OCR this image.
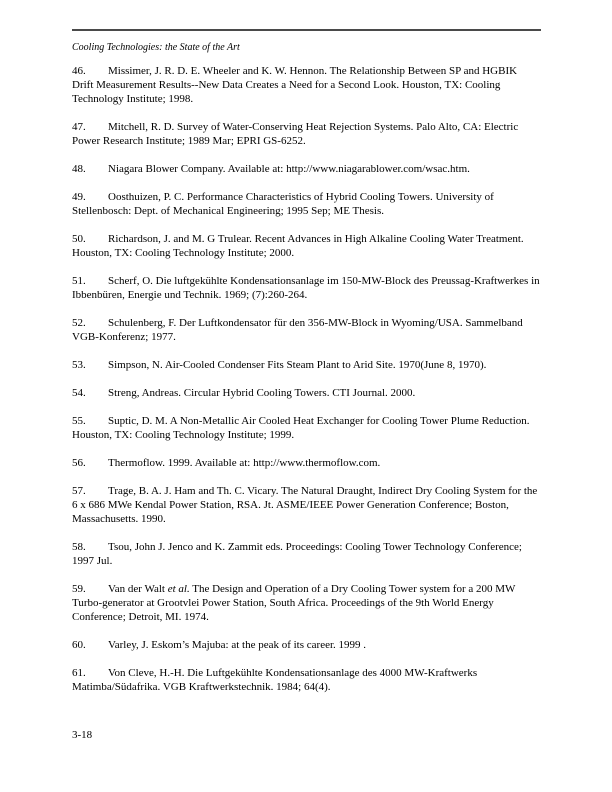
Cooling Technologies: the State of the Art

46. Missimer, J. R. D. E. Wheeler and K. W. Hennon. The Relationship Between SP and HGBIK Drift Measurement Results--New Data Creates a Need for a Second Look. Houston, TX: Cooling Technology Institute; 1998.

47. Mitchell, R. D. Survey of Water-Conserving Heat Rejection Systems. Palo Alto, CA: Electric Power Research Institute; 1989 Mar; EPRI GS-6252.

48. Niagara Blower Company. Available at: http://www.niagarablower.com/wsac.htm.

49. Oosthuizen, P. C. Performance Characteristics of Hybrid Cooling Towers. University of Stellenbosch: Dept. of Mechanical Engineering; 1995 Sep; ME Thesis.

50. Richardson, J. and M. G Trulear. Recent Advances in High Alkaline Cooling Water Treatment. Houston, TX: Cooling Technology Institute; 2000.

51. Scherf, O. Die luftgekühlte Kondensationsanlage im 150-MW-Block des Preussag-Kraftwerkes in Ibbenbüren, Energie und Technik. 1969; (7):260-264.

52. Schulenberg, F. Der Luftkondensator für den 356-MW-Block in Wyoming/USA. Sammelband VGB-Konferenz; 1977.

53. Simpson, N. Air-Cooled Condenser Fits Steam Plant to Arid Site. 1970(June 8, 1970).

54. Streng, Andreas. Circular Hybrid Cooling Towers. CTI Journal. 2000.

55. Suptic, D. M. A Non-Metallic Air Cooled Heat Exchanger for Cooling Tower Plume Reduction. Houston, TX: Cooling Technology Institute; 1999.

56. Thermoflow. 1999. Available at: http://www.thermoflow.com.

57. Trage, B. A. J. Ham and Th. C. Vicary. The Natural Draught, Indirect Dry Cooling System for the 6 x 686 MWe Kendal Power Station, RSA. Jt. ASME/IEEE Power Generation Conference; Boston, Massachusetts. 1990.

58. Tsou, John J. Jenco and K. Zammit eds. Proceedings: Cooling Tower Technology Conference; 1997 Jul.

59. Van der Walt et al. The Design and Operation of a Dry Cooling Tower system for a 200 MW Turbo-generator at Grootvlei Power Station, South Africa. Proceedings of the 9th World Energy Conference; Detroit, MI. 1974.

60. Varley, J. Eskom’s Majuba: at the peak of its career. 1999 .

61. Von Cleve, H.-H. Die Luftgekühlte Kondensationsanlage des 4000 MW-Kraftwerks Matimba/Südafrika. VGB Kraftwerkstechnik. 1984; 64(4).

3-18
